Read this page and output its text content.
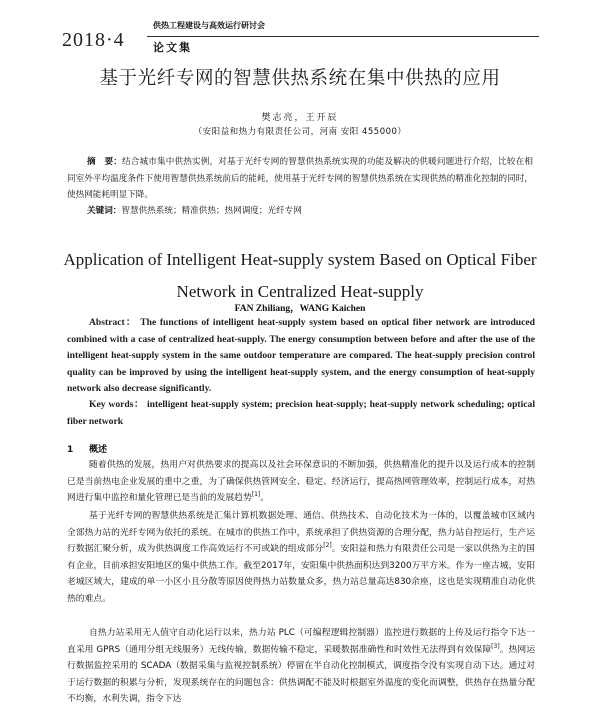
2018·4
供热工程建设与高效运行研讨会
论文集
基于光纤专网的智慧供热系统在集中供热的应用
樊志亮，王开辰
（安阳益和热力有限责任公司，河南 安阳 455000）
摘　要：结合城市集中供热实例，对基于光纤专网的智慧供热系统实现的功能及解决的供暖问题进行介绍，比较在相同室外平均温度条件下使用智慧供热系统前后的能耗，使用基于光纤专网的智慧供热系统在实现供热的精准化控制的同时，使热网能耗明显下降。
关键词：智慧供热系统；精准供热；热网调度；光纤专网
Application of Intelligent Heat-supply system Based on Optical Fiber
Network in Centralized Heat-supply
FAN Zhiliang，WANG Kaichen
Abstract： The functions of intelligent heat-supply system based on optical fiber network are introduced combined with a case of centralized heat-supply. The energy consumption between before and after the use of the intelligent heat-supply system in the same outdoor temperature are compared. The heat-supply precision control quality can be improved by using the intelligent heat-supply system, and the energy consumption of heat-supply network also decrease significantly.
Key words： intelligent heat-supply system; precision heat-supply; heat-supply network scheduling; optical fiber network
1 概述
随着供热的发展，热用户对供热要求的提高以及社会环保意识的不断加强，供热精准化的提升以及运行成本的控制已是当前热电企业发展的重中之重，为了确保供热管网安全、稳定、经济运行，提高热网管理效率，控制运行成本，对热网进行集中监控和量化管理已是当前的发展趋势[1]。
基于光纤专网的智慧供热系统是汇集计算机数据处理、通信、供热技术、自动化技术为一体的，以覆盖城市区域内全部热力站的光纤专网为依托的系统。在城市的供热工作中，系统承担了供热资源的合理分配，热力站自控运行，生产运行数据汇聚分析，成为供热调度工作高效运行不可或缺的组成部分[2]。安阳益和热力有限责任公司是一家以供热为主的国有企业，目前承担安阳地区的集中供热工作。截至2017年，安阳集中供热面积达到3200万平方米。作为一座古城，安阳老城区域大，建成的单一小区小且分散等原因使得热力站数量众多，热力站总量高达830余座，这也是实现精准自动化供热的难点。
自热力站采用无人值守自动化运行以来，热力站 PLC（可编程逻辑控制器）监控进行数据的上传及运行指令下达一直采用 GPRS（通用分组无线服务）无线传输，数据传输不稳定，采暖数据准确性和时效性无法得到有效保障[3]。热网运行数据监控采用的 SCADA（数据采集与监视控制系统）停留在半自动化控制模式，调度指令没有实现自动下达。通过对于运行数据的积累与分析，发现系统存在的问题包含：供热调配不能及时根据室外温度的变化而调整，供热存在热量分配不均衡，水利失调，指令下达
